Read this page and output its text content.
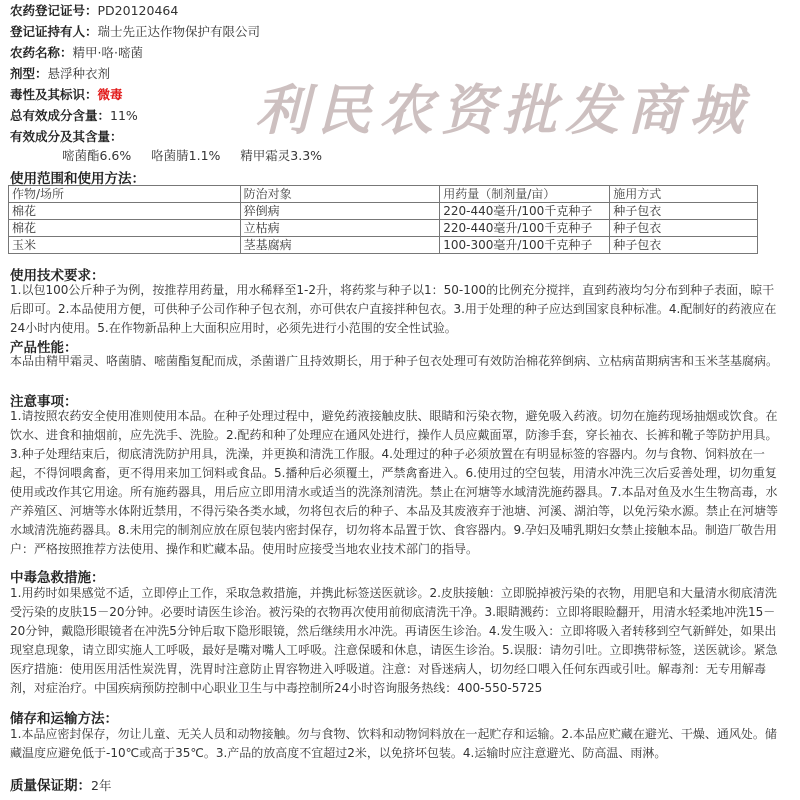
利民农资批发商城
农药登记证号：PD20120464
登记证持有人：瑞士先正达作物保护有限公司
农药名称：精甲·咯·嘧菌
剂型：悬浮种衣剂
毒性及其标识：微毒
总有效成分含量：11%
有效成分及其含量：
嘧菌酯6.6% 咯菌腈1.1% 精甲霜灵3.3%
使用范围和使用方法：
作物/场所	防治对象	用药量（制剂量/亩）	施用方式
棉花	猝倒病	220-440毫升/100千克种子	种子包衣
棉花	立枯病	220-440毫升/100千克种子	种子包衣
玉米	茎基腐病	100-300毫升/100千克种子	种子包衣
使用技术要求：
1.以包100公斤种子为例，按推荐用药量，用水稀释至1-2升，将药浆与种子以1：50-100的比例充分搅拌，直到药液均匀分布到种子表面，晾干后即可。2.本品使用方便，可供种子公司作种子包衣剂，亦可供农户直接拌种包衣。3.用于处理的种子应达到国家良种标准。4.配制好的药液应在24小时内使用。5.在作物新品种上大面积应用时，必须先进行小范围的安全性试验。
产品性能：
本品由精甲霜灵、咯菌腈、嘧菌酯复配而成，杀菌谱广且持效期长，用于种子包衣处理可有效防治棉花猝倒病、立枯病苗期病害和玉米茎基腐病。
注意事项：
1.请按照农药安全使用准则使用本品。在种子处理过程中，避免药液接触皮肤、眼睛和污染衣物，避免吸入药液。切勿在施药现场抽烟或饮食。在饮水、进食和抽烟前，应先洗手、洗脸。2.配药和种了处理应在通风处进行，操作人员应戴面罩，防渗手套，穿长袖衣、长裤和靴子等防护用具。3.种子处理结束后，彻底清洗防护用具，洗澡，并更换和清洗工作服。4.处理过的种子必须放置在有明显标签的容器内。勿与食物、饲料放在一起，不得饲喂禽畜，更不得用来加工饲料或食品。5.播种后必须覆土，严禁禽畜进入。6.使用过的空包装，用清水冲洗三次后妥善处理，切勿重复使用或改作其它用途。所有施药器具，用后应立即用清水或适当的洗涤剂清洗。禁止在河塘等水域清洗施药器具。7.本品对鱼及水生生物高毒，水产养殖区、河塘等水体附近禁用，不得污染各类水域，勿将包衣后的种子、本品及其废液弃于池塘、河溪、湖泊等，以免污染水源。禁止在河塘等水域清洗施药器具。8.未用完的制剂应放在原包装内密封保存，切勿将本品置于饮、食容器内。9.孕妇及哺乳期妇女禁止接触本品。制造厂敬告用户：严格按照推荐方法使用、操作和贮藏本品。使用时应接受当地农业技术部门的指导。
中毒急救措施：
1.用药时如果感觉不适，立即停止工作，采取急救措施，并携此标签送医就诊。2.皮肤接触：立即脱掉被污染的衣物，用肥皂和大量清水彻底清洗受污染的皮肤15－20分钟。必要时请医生诊治。被污染的衣物再次使用前彻底清洗干净。3.眼睛溅药：立即将眼睑翻开，用清水轻柔地冲洗15－20分钟，戴隐形眼镜者在冲洗5分钟后取下隐形眼镜，然后继续用水冲洗。再请医生诊治。4.发生吸入：立即将吸入者转移到空气新鲜处，如果出现窒息现象，请立即实施人工呼吸，最好是嘴对嘴人工呼吸。注意保暖和休息，请医生诊治。5.误服：请勿引吐。立即携带标签，送医就诊。紧急医疗措施：使用医用活性炭洗胃，洗胃时注意防止胃容物进入呼吸道。注意：对昏迷病人，切勿经口喂入任何东西或引吐。解毒剂：无专用解毒剂，对症治疗。中国疾病预防控制中心职业卫生与中毒控制所24小时咨询服务热线：400-550-5725
储存和运输方法：
1.本品应密封保存，勿让儿童、无关人员和动物接触。勿与食物、饮料和动物饲料放在一起贮存和运输。2.本品应贮藏在避光、干燥、通风处。储藏温度应避免低于-10℃或高于35℃。3.产品的放高度不宜超过2米，以免挤坏包装。4.运输时应注意避光、防高温、雨淋。
质量保证期：2年
